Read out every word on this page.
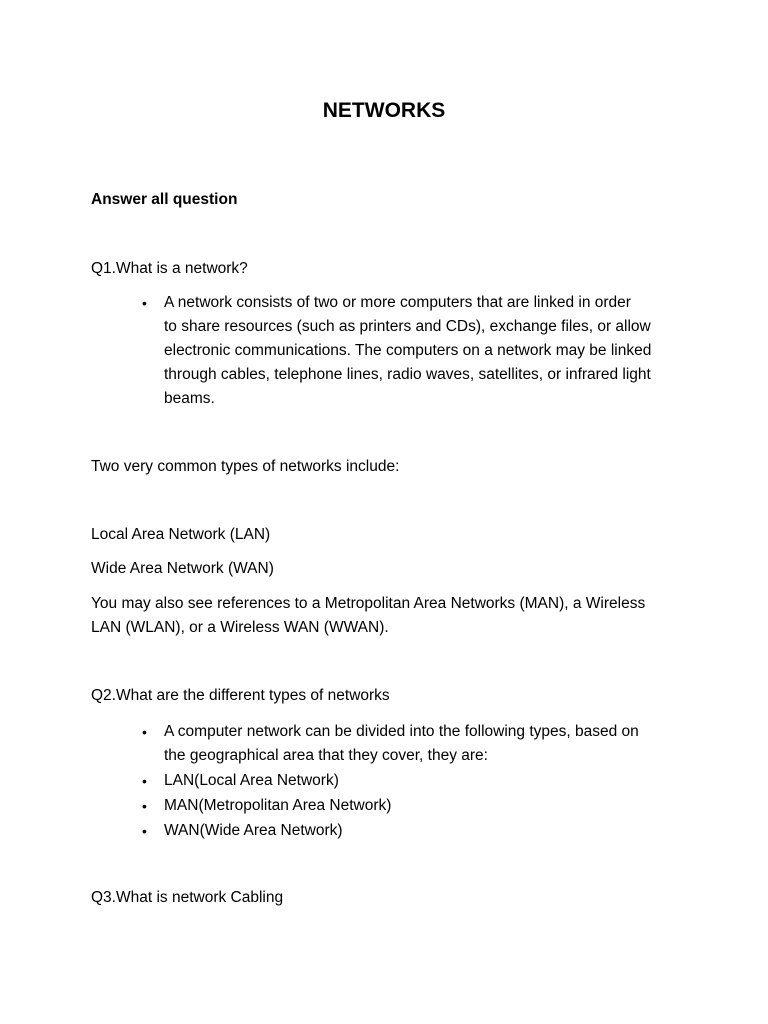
NETWORKS
Answer all question
Q1.What is a network?
• A network consists of two or more computers that are linked in order
to share resources (such as printers and CDs), exchange files, or allow
electronic communications. The computers on a network may be linked
through cables, telephone lines, radio waves, satellites, or infrared light
beams.
Two very common types of networks include:
Local Area Network (LAN)
Wide Area Network (WAN)
You may also see references to a Metropolitan Area Networks (MAN), a Wireless
LAN (WLAN), or a Wireless WAN (WWAN).
Q2.What are the different types of networks
• A computer network can be divided into the following types, based on
the geographical area that they cover, they are:
• LAN(Local Area Network)
• MAN(Metropolitan Area Network)
• WAN(Wide Area Network)
Q3.What is network Cabling
